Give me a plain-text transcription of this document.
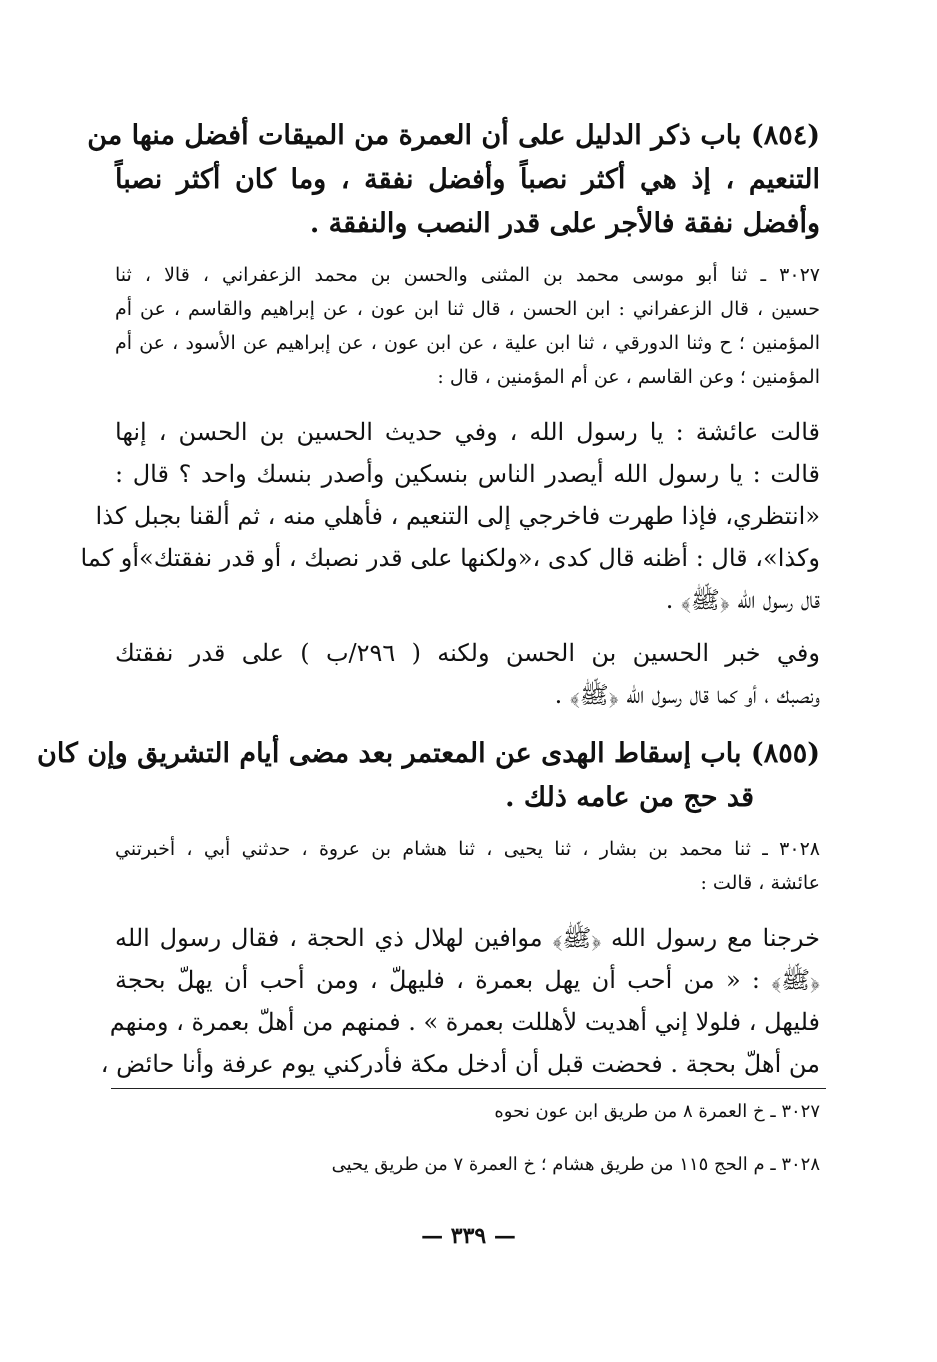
(٨٥٤) باب ذكر الدليل على أن العمرة من الميقات أفضل منها من
التنعيم ، إذ هي أكثر نصباً وأفضل نفقة ، وما كان أكثر نصباً
وأفضل نفقة فالأجر على قدر النصب والنفقة .
٣٠٢٧ ـ ثنا أبو موسى محمد بن المثنى والحسن بن محمد الزعفراني ، قالا ، ثنا
حسين ، قال الزعفراني : ابن الحسن ، قال ثنا ابن عون ، عن إبراهيم والقاسم ، عن أم
المؤمنين ؛ ح وثنا الدورقي ، ثنا ابن علية ، عن ابن عون ، عن إبراهيم عن الأسود ، عن أم
المؤمنين ؛ وعن القاسم ، عن أم المؤمنين ، قال :
قالت عائشة : يا رسول الله ، وفي حديث الحسين بن الحسن ، إنها
قالت : يا رسول الله أيصدر الناس بنسكين وأصدر بنسك واحد ؟ قال :
«انتظري، فإذا طهرت فاخرجي إلى التنعيم ، فأهلي منه ، ثم ألقنا بجبل كذا
وكذا»، قال : أظنه قال كدى ،«ولكنها على قدر نصبك ، أو قدر نفقتك»أو كما
قال رسول الله ﴿ﷺ﴾ .
وفي خبر الحسين بن الحسن ولكنه ( ٢٩٦/ب ) على قدر نفقتك
ونصبك ، أو كما قال رسول الله ﴿ﷺ﴾ .
(٨٥٥) باب إسقاط الهدى عن المعتمر بعد مضى أيام التشريق وإن كان
قد حج من عامه ذلك .
٣٠٢٨ ـ ثنا محمد بن بشار ، ثنا يحيى ، ثنا هشام بن عروة ، حدثني أبي ، أخبرتني
عائشة ، قالت :
خرجنا مع رسول الله ﴿ﷺ﴾ موافين لهلال ذي الحجة ، فقال رسول الله
﴿ﷺ﴾ : « من أحب أن يهل بعمرة ، فليهلّ ، ومن أحب أن يهلّ بحجة
فليهل ، فلولا إني أهديت لأهللت بعمرة » . فمنهم من أهلّ بعمرة ، ومنهم
من أهلّ بحجة . فحضت قبل أن أدخل مكة فأدركني يوم عرفة وأنا حائض ،
٣٠٢٧ ـ خ العمرة ٨ من طريق ابن عون نحوه
٣٠٢٨ ـ م الحج ١١٥ من طريق هشام ؛ خ العمرة ٧ من طريق يحيى
— ٣٣٩ —
